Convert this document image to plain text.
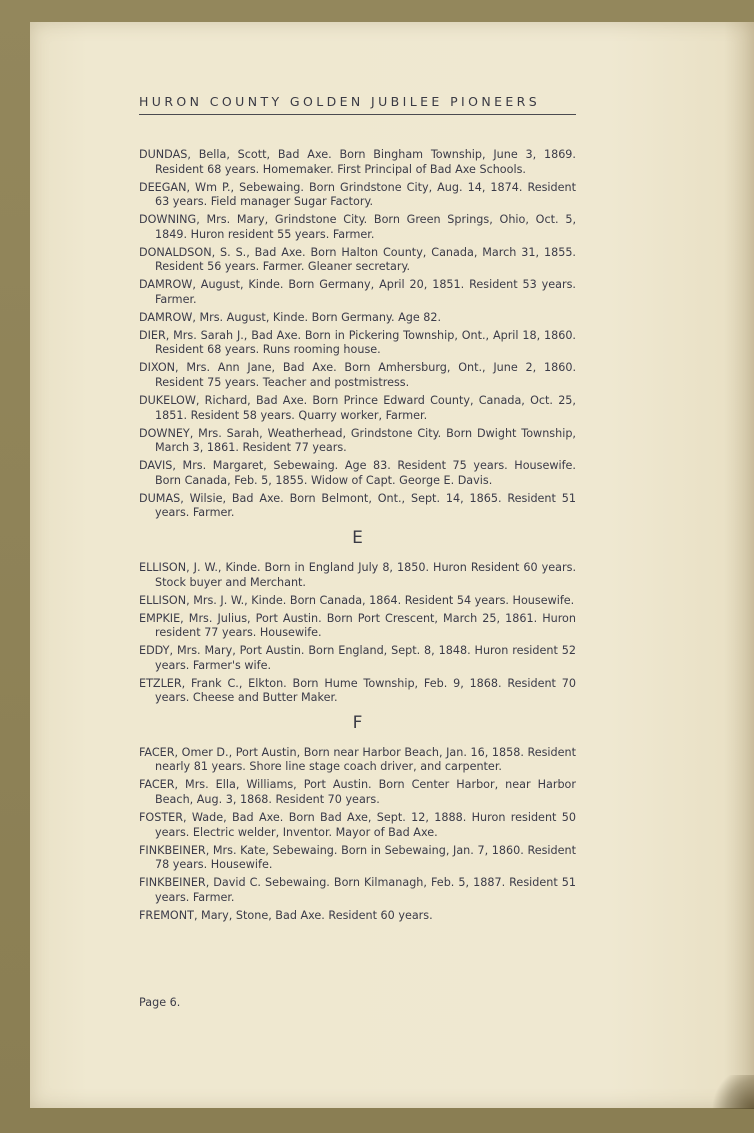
HURON COUNTY GOLDEN JUBILEE PIONEERS

DUNDAS, Bella, Scott, Bad Axe. Born Bingham Township, June 3, 1869. Resident 68 years. Homemaker. First Principal of Bad Axe Schools.

DEEGAN, Wm P., Sebewaing. Born Grindstone City, Aug. 14, 1874. Resident 63 years. Field manager Sugar Factory.

DOWNING, Mrs. Mary, Grindstone City. Born Green Springs, Ohio, Oct. 5, 1849. Huron resident 55 years. Farmer.

DONALDSON, S. S., Bad Axe. Born Halton County, Canada, March 31, 1855. Resident 56 years. Farmer. Gleaner secretary.

DAMROW, August, Kinde. Born Germany, April 20, 1851. Resident 53 years. Farmer.

DAMROW, Mrs. August, Kinde. Born Germany. Age 82.

DIER, Mrs. Sarah J., Bad Axe. Born in Pickering Township, Ont., April 18, 1860. Resident 68 years. Runs rooming house.

DIXON, Mrs. Ann Jane, Bad Axe. Born Amhersburg, Ont., June 2, 1860. Resident 75 years. Teacher and postmistress.

DUKELOW, Richard, Bad Axe. Born Prince Edward County, Canada, Oct. 25, 1851. Resident 58 years. Quarry worker, Farmer.

DOWNEY, Mrs. Sarah, Weatherhead, Grindstone City. Born Dwight Township, March 3, 1861. Resident 77 years.

DAVIS, Mrs. Margaret, Sebewaing. Age 83. Resident 75 years. Housewife. Born Canada, Feb. 5, 1855. Widow of Capt. George E. Davis.

DUMAS, Wilsie, Bad Axe. Born Belmont, Ont., Sept. 14, 1865. Resident 51 years. Farmer.

E

ELLISON, J. W., Kinde. Born in England July 8, 1850. Huron Resident 60 years. Stock buyer and Merchant.

ELLISON, Mrs. J. W., Kinde. Born Canada, 1864. Resident 54 years. Housewife.

EMPKIE, Mrs. Julius, Port Austin. Born Port Crescent, March 25, 1861. Huron resident 77 years. Housewife.

EDDY, Mrs. Mary, Port Austin. Born England, Sept. 8, 1848. Huron resident 52 years. Farmer's wife.

ETZLER, Frank C., Elkton. Born Hume Township, Feb. 9, 1868. Resident 70 years. Cheese and Butter Maker.

F

FACER, Omer D., Port Austin, Born near Harbor Beach, Jan. 16, 1858. Resident nearly 81 years. Shore line stage coach driver, and carpenter.

FACER, Mrs. Ella, Williams, Port Austin. Born Center Harbor, near Harbor Beach, Aug. 3, 1868. Resident 70 years.

FOSTER, Wade, Bad Axe. Born Bad Axe, Sept. 12, 1888. Huron resident 50 years. Electric welder, Inventor. Mayor of Bad Axe.

FINKBEINER, Mrs. Kate, Sebewaing. Born in Sebewaing, Jan. 7, 1860. Resident 78 years. Housewife.

FINKBEINER, David C. Sebewaing. Born Kilmanagh, Feb. 5, 1887. Resident 51 years. Farmer.

FREMONT, Mary, Stone, Bad Axe. Resident 60 years.

Page 6.
